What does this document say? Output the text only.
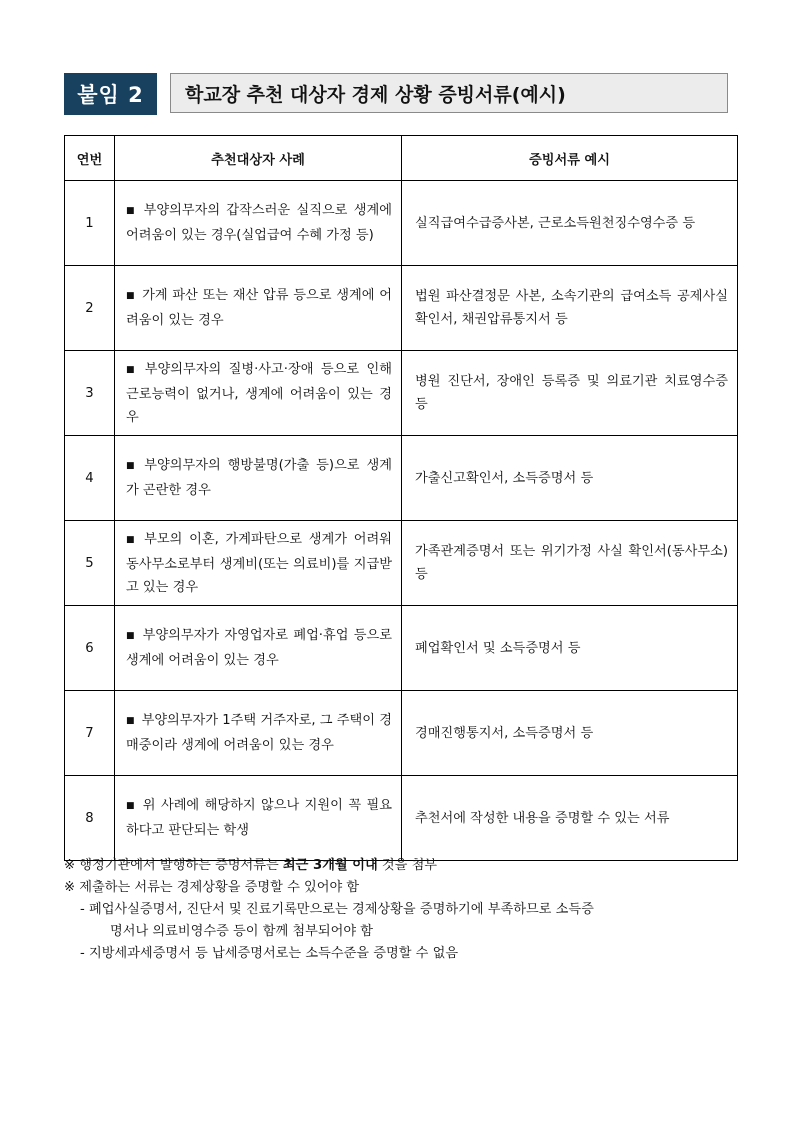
붙임 2	학교장 추천 대상자 경제 상황 증빙서류(예시)
연번	추천대상자 사례	증빙서류 예시
1	■ 부양의무자의 갑작스러운 실직으로 생계에 어려움이 있는 경우(실업급여 수혜 가정 등)	실직급여수급증사본, 근로소득원천징수영수증 등

2	■ 가계 파산 또는 재산 압류 등으로 생계에 어려움이 있는 경우	법원 파산결정문 사본, 소속기관의 급여소득 공제사실 확인서, 채권압류통지서 등

3	■ 부양의무자의 질병·사고·장애 등으로 인해 근로능력이 없거나, 생계에 어려움이 있는 경우	병원 진단서, 장애인 등록증 및 의료기관 치료영수증 등

4	■ 부양의무자의 행방불명(가출 등)으로 생계가 곤란한 경우	가출신고확인서, 소득증명서 등

5	■ 부모의 이혼, 가계파탄으로 생계가 어려워 동사무소로부터 생계비(또는 의료비)를 지급받고 있는 경우	가족관계증명서 또는 위기가정 사실 확인서(동사무소) 등

6	■ 부양의무자가 자영업자로 폐업·휴업 등으로 생계에 어려움이 있는 경우	폐업확인서 및 소득증명서 등

7	■ 부양의무자가 1주택 거주자로, 그 주택이 경매중이라 생계에 어려움이 있는 경우	경매진행통지서, 소득증명서 등

8	■ 위 사례에 해당하지 않으나 지원이 꼭 필요하다고 판단되는 학생	추천서에 작성한 내용을 증명할 수 있는 서류
※ 행정기관에서 발행하는 증명서류는 최근 3개월 이내 것을 첨부
※ 제출하는 서류는 경제상황을 증명할 수 있어야 함
- 폐업사실증명서, 진단서 및 진료기록만으로는 경제상황을 증명하기에 부족하므로 소득증
명서나 의료비영수증 등이 함께 첨부되어야 함
- 지방세과세증명서 등 납세증명서로는 소득수준을 증명할 수 없음
